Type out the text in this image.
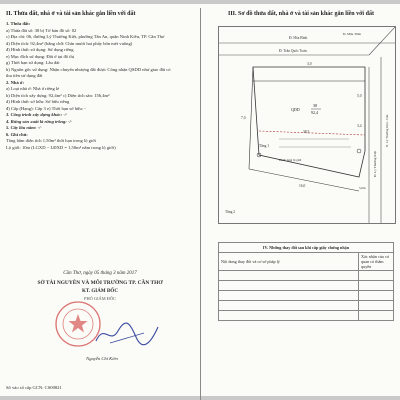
II. Thửa đất, nhà ở và tài sản khác gắn liền với đất
1. Thửa đất:
a) Thửa đất số: 38 b) Tờ bản đồ số: 02
c) Địa chỉ: 06, đường Lý Thường Kiệt, phường Tân An, quận Ninh Kiều, TP. Cần Thơ
d) Diện tích: 92,4m² (bằng chữ: Chín mươi hai phẩy bốn mét vuông)
đ) Hình thức sử dụng: Sử dụng riêng
e) Mục đích sử dụng: Đất ở tại đô thị
g) Thời hạn sử dụng: Lâu dài
h) Nguồn gốc sử dụng: Nhận chuyển nhượng đất được Công nhận QSDD như giao đất có
thu tiền sử dụng đất
2. Nhà ở:
a) Loại nhà ở: Nhà ở riêng lẻ
b) Diện tích xây dựng: 92,4m² c) Diện tích sàn: 156,4m²
d) Hình thức sở hữu: Sở hữu riêng
đ) Cấp (Hạng): Cấp 3 e) Thời hạn sở hữu: -
3. Công trình xây dựng khác: -/-
4. Rừng sản xuất là rừng trồng: -/-
5. Cây lâu năm: -/-
6. Ghi chú:
Tầng hầm diện tích 1,50m² thời hạn trong lộ giới
Lộ giới: 10m (LGXD − LĐXD = 1,50m² nằm trong lộ giới)
Cần Thơ, ngày 05 tháng 3 năm 2017
SỞ TÀI NGUYÊN VÀ MÔI TRƯỜNG TP. CẦN THƠ
KT. GIÁM ĐỐC
PHÓ GIÁM ĐỐC
Nguyễn Chí Kiên
Số vào sổ cấp GCN: CS00821
III. Sơ đồ thửa đất, nhà ở và tài sản khác gắn liền với đất
Đ. Hòa Bình
Đ. Trần Quốc Toản
Đ. Mậu Thân
Đ. Lý Thường Kiệt
Đ. Lý Thường Kiệt - Cần
QDD
38
92,4
Tầng 1
Tầng 2
Hành lang lộ giới
3,0
7,0
16,0
5,0
3,4
38,5
5,0m
IV. Những thay đổi sau khi cấp giấy chứng nhận	
Nội dung thay đổi và cơ sở pháp lý	Xác nhận của cơ quan có thẩm quyền
